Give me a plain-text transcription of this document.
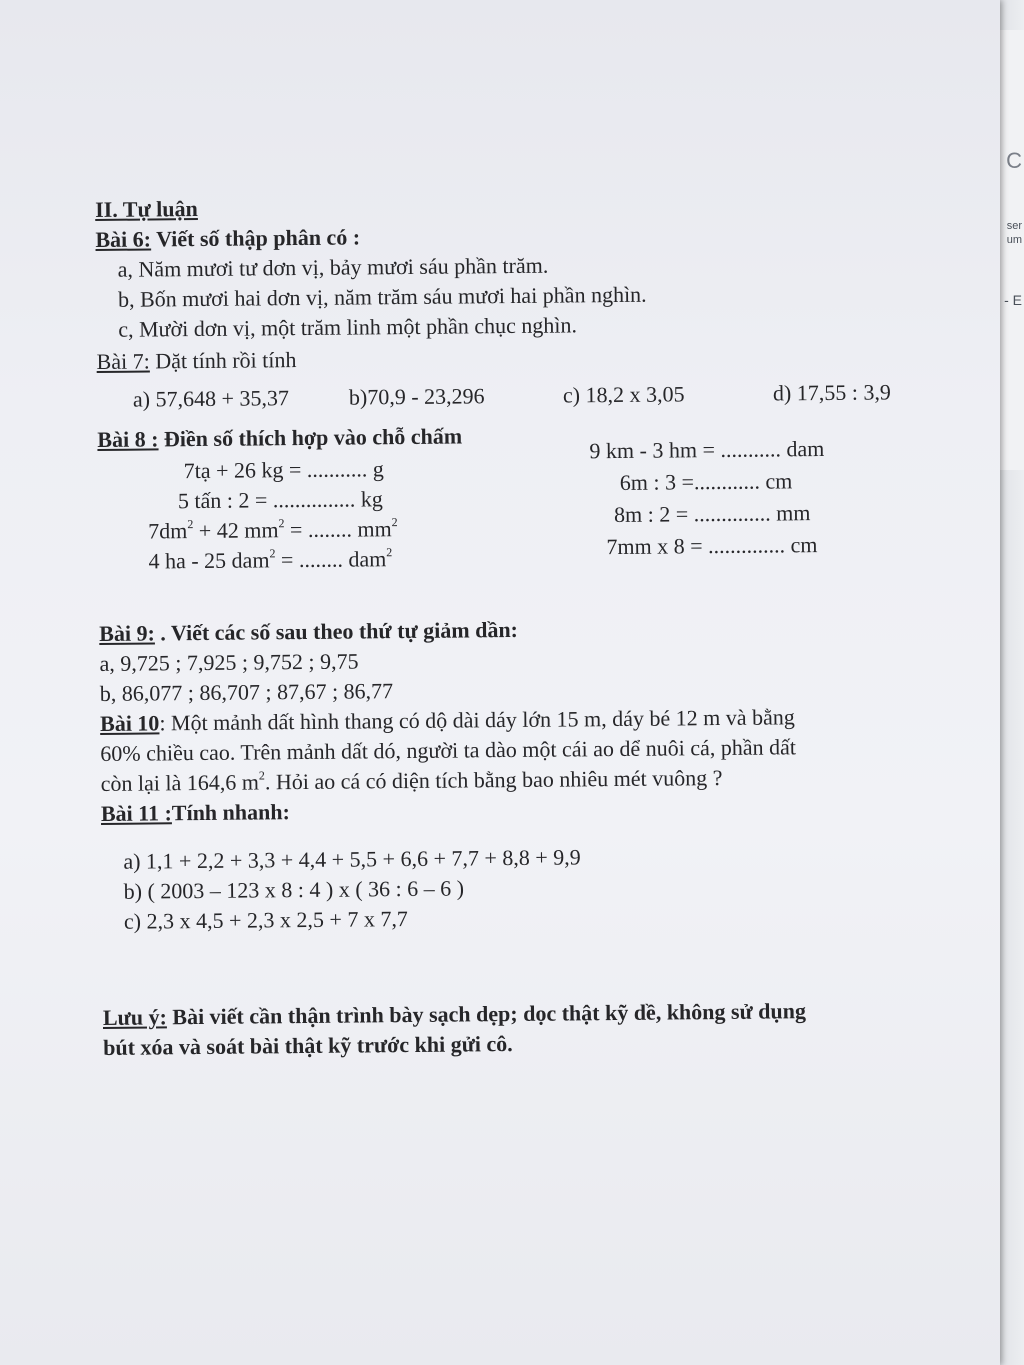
ser
um
- E
C
II. Tự luận
Bài 6: Viết số thập phân có :
a, Năm mươi tư dơn vị, bảy mươi sáu phần trăm.
b, Bốn mươi hai dơn vị, năm trăm sáu mươi hai phần nghìn.
c, Mười dơn vị, một trăm linh một phần chục nghìn.
Bài 7: Dặt tính rồi tính
a) 57,648 + 35,37	b)70,9 - 23,296	c) 18,2 x 3,05	d) 17,55 : 3,9
Bài 8 : Điền số thích hợp vào chỗ chấm
7tạ + 26 kg = ........... g
5 tấn : 2 = ............... kg
$7dm^2 + 42$ $mm^2$ = ........ $mm^2$
4 ha - 25 dam$^2$ = ........ dam$^2$
9 km - 3 hm = ........... dam
6m : 3 =............ cm
8m : 2 = .............. mm
7mm x 8 = .............. cm
Bài 9: . Viết các số sau theo thứ tự giảm dần:
a, 9,725 ; 7,925 ; 9,752 ; 9,75
b, 86,077 ; 86,707 ; 87,67 ; 86,77
Bài 10: Một mảnh dất hình thang có dộ dài dáy lớn 15 m, dáy bé 12 m và bằng
60% chiều cao. Trên mảnh dất dó, người ta dào một cái ao dể nuôi cá, phần dất
còn lại là 164,6 $m^2$. Hỏi ao cá có diện tích bằng bao nhiêu mét vuông ?
Bài 11 :Tính nhanh:
a) 1,1 + 2,2 + 3,3 + 4,4 + 5,5 + 6,6 + 7,7 + 8,8 + 9,9
b) ( 2003 – 123 x 8 : 4 ) x ( 36 : 6 – 6 )
c) 2,3 x 4,5 + 2,3 x 2,5 + 7 x 7,7
Lưu ý: Bài viết cần thận trình bày sạch dẹp; dọc thật kỹ dề, không sử dụng
bút xóa và soát bài thật kỹ trước khi gửi cô.
